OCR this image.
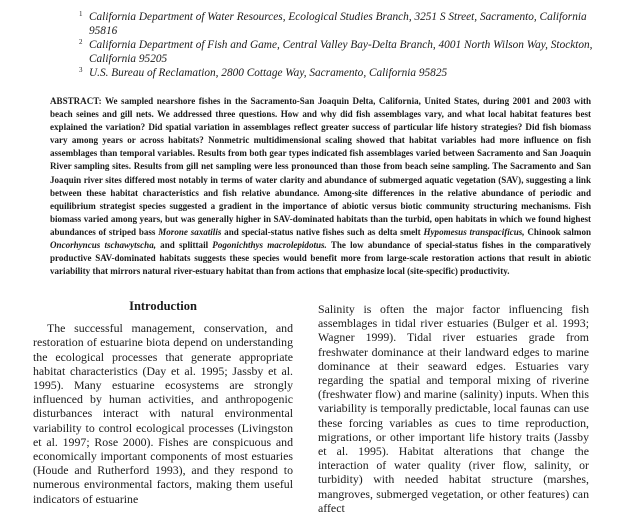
1 California Department of Water Resources, Ecological Studies Branch, 3251 S Street, Sacramento, California 95816
2 California Department of Fish and Game, Central Valley Bay-Delta Branch, 4001 North Wilson Way, Stockton, California 95205
3 U.S. Bureau of Reclamation, 2800 Cottage Way, Sacramento, California 95825
ABSTRACT: We sampled nearshore fishes in the Sacramento-San Joaquin Delta, California, United States, during 2001 and 2003 with beach seines and gill nets. We addressed three questions. How and why did fish assemblages vary, and what local habitat features best explained the variation? Did spatial variation in assemblages reflect greater success of particular life history strategies? Did fish biomass vary among years or across habitats? Nonmetric multidimensional scaling showed that habitat variables had more influence on fish assemblages than temporal variables. Results from both gear types indicated fish assemblages varied between Sacramento and San Joaquin River sampling sites. Results from gill net sampling were less pronounced than those from beach seine sampling. The Sacramento and San Joaquin river sites differed most notably in terms of water clarity and abundance of submerged aquatic vegetation (SAV), suggesting a link between these habitat characteristics and fish relative abundance. Among-site differences in the relative abundance of periodic and equilibrium strategist species suggested a gradient in the importance of abiotic versus biotic community structuring mechanisms. Fish biomass varied among years, but was generally higher in SAV-dominated habitats than the turbid, open habitats in which we found highest abundances of striped bass Morone saxatilis and special-status native fishes such as delta smelt Hypomesus transpacificus, Chinook salmon Oncorhyncus tschawytscha, and splittail Pogonichthys macrolepidotus. The low abundance of special-status fishes in the comparatively productive SAV-dominated habitats suggests these species would benefit more from large-scale restoration actions that result in abiotic variability that mirrors natural river-estuary habitat than from actions that emphasize local (site-specific) productivity.
Introduction

The successful management, conservation, and restoration of estuarine biota depend on understanding the ecological processes that generate appropriate habitat characteristics (Day et al. 1995; Jassby et al. 1995). Many estuarine ecosystems are strongly influenced by human activities, and anthropogenic disturbances interact with natural environmental variability to control ecological processes (Livingston et al. 1997; Rose 2000). Fishes are conspicuous and economically important components of most estuaries (Houde and Rutherford 1993), and they respond to numerous environmental factors, making them useful indicators of estuarine

Salinity is often the major factor influencing fish assemblages in tidal river estuaries (Bulger et al. 1993; Wagner 1999). Tidal river estuaries grade from freshwater dominance at their landward edges to marine dominance at their seaward edges. Estuaries vary regarding the spatial and temporal mixing of riverine (freshwater flow) and marine (salinity) inputs. When this variability is temporally predictable, local faunas can use these forcing variables as cues to time reproduction, migrations, or other important life history traits (Jassby et al. 1995). Habitat alterations that change the interaction of water quality (river flow, salinity, or turbidity) with needed habitat structure (marshes, mangroves, submerged vegetation, or other features) can affect
